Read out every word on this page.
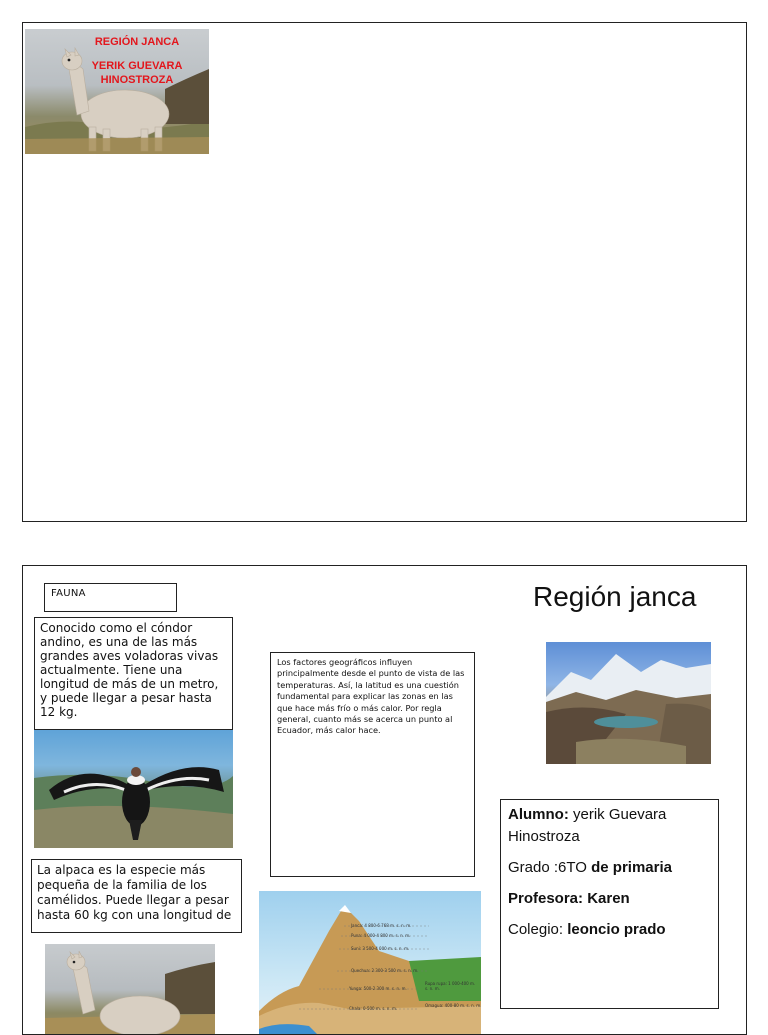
REGIÓN JANCA
YERIK GUEVARA
HINOSTROZA
FAUNA
Conocido como el cóndor andino, es una de las más grandes aves voladoras vivas actualmente. Tiene una longitud de más de un metro, y puede llegar a pesar hasta 12 kg.
La alpaca es la especie más pequeña de la familia de los camélidos. Puede llegar a pesar hasta 60 kg con una longitud de
Los factores geográficos influyen principalmente desde el punto de vista de las temperaturas. Así, la latitud es una cuestión fundamental para explicar las zonas en las que hace más frío o más calor. Por regla general, cuanto más se acerca un punto al Ecuador, más calor hace.
Janca: 4 800-6 768 m. s. n. m.
Puna: 4 000-4 800 m. s. n. m.
Suni: 3 500-4 000 m. s. n. m.
Quechua: 2 300-3 500 m. s. n. m.
Yunga: 500-2 300 m. s. n. m.
Chala: 0-500 m. s. n. m.
Rupa rupa: 1 000-400 m. s. n. m.
Omagua: 400-80 m. s. n. m.
Región janca
Alumno: yerik Guevara Hinostroza
Grado :6TO de primaria
Profesora: Karen
Colegio: leoncio prado
